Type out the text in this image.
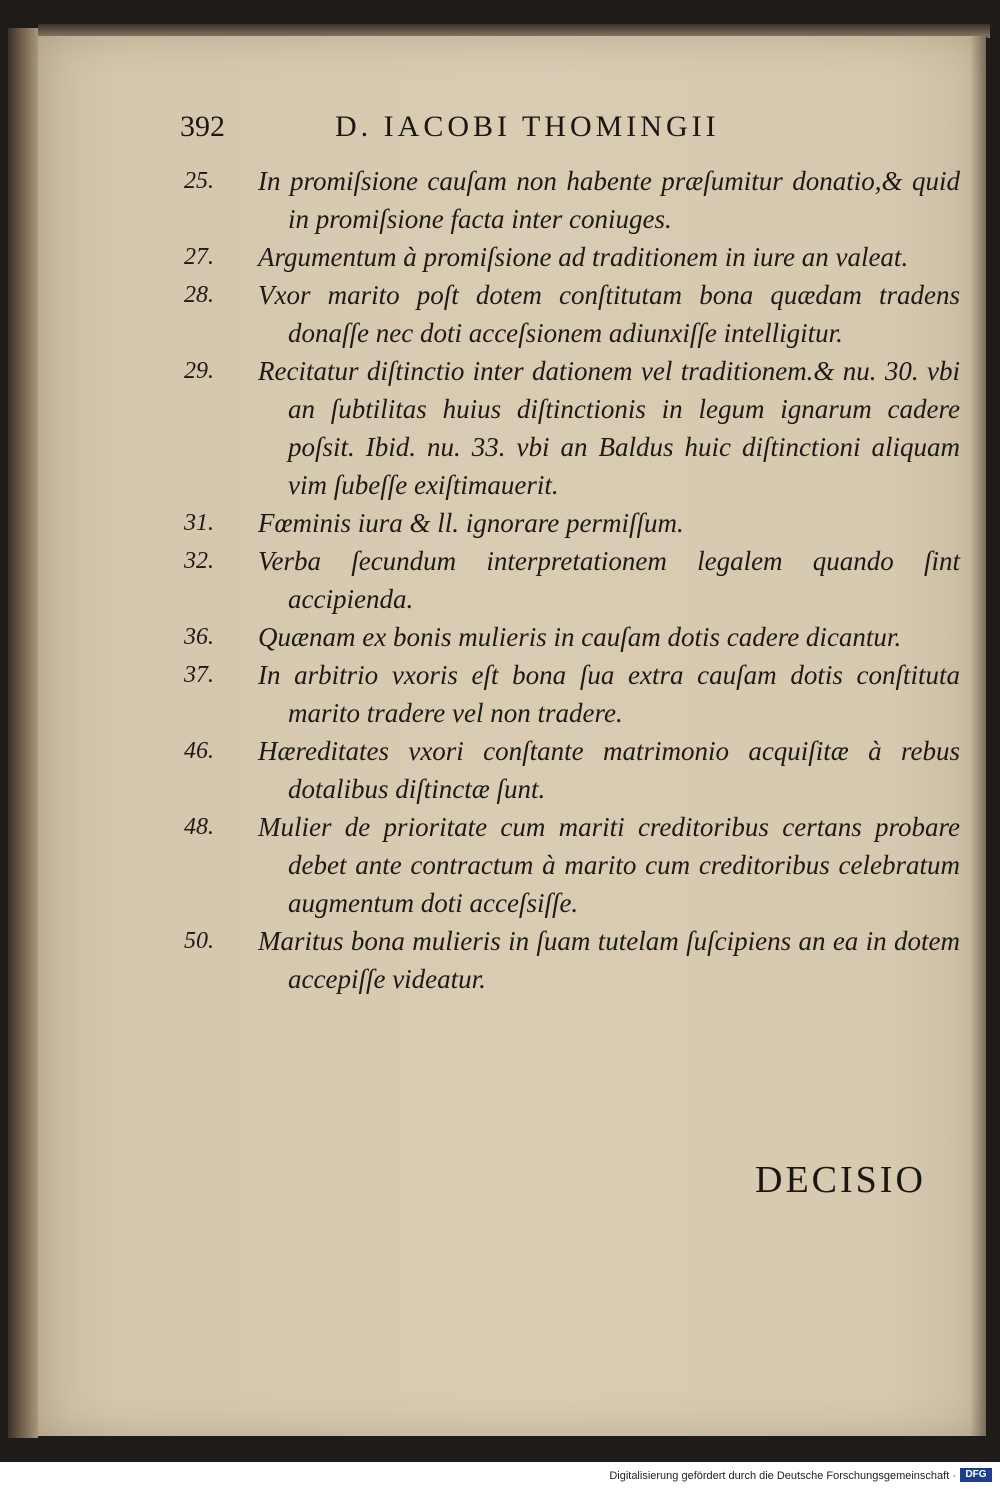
392	D. IACOBI THOMINGII
25. In promiſsione cauſam non habente præſumitur donatio,& quid in promiſsione facta inter coniuges.
27. Argumentum à promiſsione ad traditionem in iure an valeat.
28. Vxor marito poſt dotem conſtitutam bona quædam tradens donaſſe nec doti acceſsionem adiunxiſſe intelligitur.
29. Recitatur diſtinctio inter dationem vel traditionem.& nu. 30. vbi an ſubtilitas huius diſtinctionis in legum ignarum cadere poſsit. Ibid. nu. 33. vbi an Baldus huic diſtinctioni aliquam vim ſubeſſe exiſtimauerit.
31. Fœminis iura & ll. ignorare permiſſum.
32. Verba ſecundum interpretationem legalem quando ſint accipienda.
36. Quænam ex bonis mulieris in cauſam dotis cadere dicantur.
37. In arbitrio vxoris eſt bona ſua extra cauſam dotis conſtituta marito tradere vel non tradere.
46. Hæreditates vxori conſtante matrimonio acquiſitæ à rebus dotalibus diſtinctæ ſunt.
48. Mulier de prioritate cum mariti creditoribus certans probare debet ante contractum à marito cum creditoribus celebratum augmentum doti acceſsiſſe.
50. Maritus bona mulieris in ſuam tutelam ſuſcipiens an ea in dotem accepiſſe videatur.
DECISIO
Digitalisierung gefördert durch die Deutsche Forschungsgemeinschaft · DFG
